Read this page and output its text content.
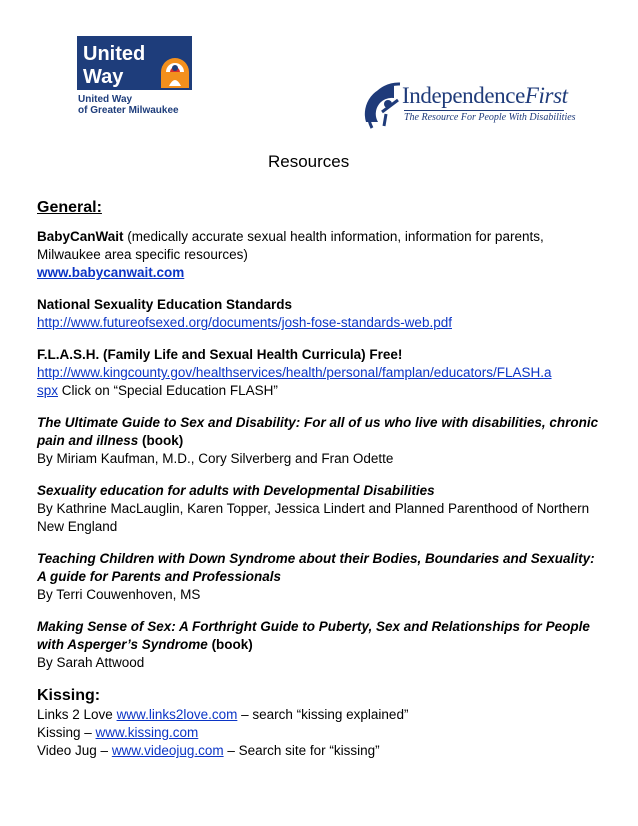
United
Way
United Way
of Greater Milwaukee
IndependenceFirst
The Resource For People With Disabilities
Resources
General:
BabyCanWait (medically accurate sexual health information, information for parents, Milwaukee area specific resources)
www.babycanwait.com
National Sexuality Education Standards
http://www.futureofsexed.org/documents/josh-fose-standards-web.pdf
F.L.A.S.H. (Family Life and Sexual Health Curricula) Free!
http://www.kingcounty.gov/healthservices/health/personal/famplan/educators/FLASH.a
spx Click on “Special Education FLASH”
The Ultimate Guide to Sex and Disability: For all of us who live with disabilities, chronic pain and illness (book)
By Miriam Kaufman, M.D., Cory Silverberg and Fran Odette
Sexuality education for adults with Developmental Disabilities
By Kathrine MacLauglin, Karen Topper, Jessica Lindert and Planned Parenthood of Northern New England
Teaching Children with Down Syndrome about their Bodies, Boundaries and Sexuality: A guide for Parents and Professionals
By Terri Couwenhoven, MS
Making Sense of Sex: A Forthright Guide to Puberty, Sex and Relationships for People with Asperger’s Syndrome (book)
By Sarah Attwood
Kissing:
Links 2 Love www.links2love.com – search “kissing explained”
Kissing – www.kissing.com
Video Jug – www.videojug.com – Search site for “kissing”
